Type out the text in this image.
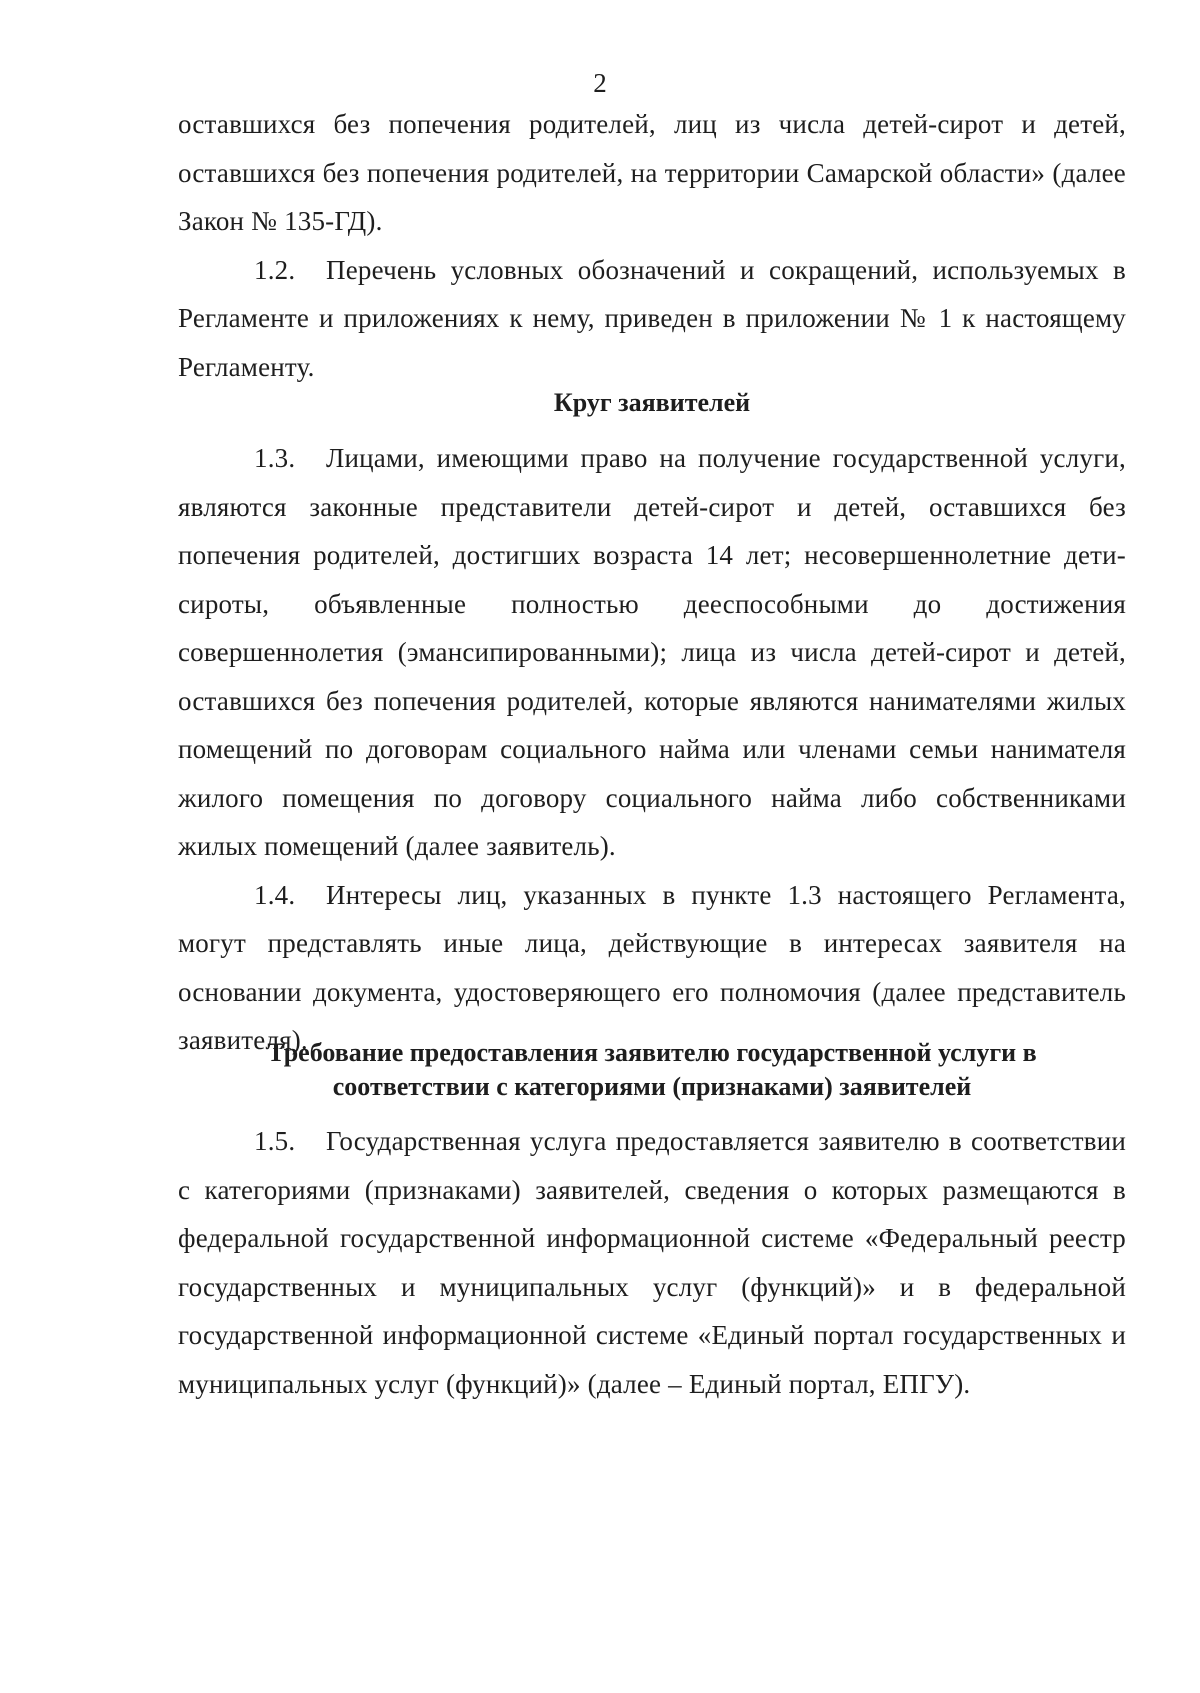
2

оставшихся без попечения родителей, лиц из числа детей-сирот и детей, оставшихся без попечения родителей, на территории Самарской области» (далее Закон № 135-ГД).

1.2. Перечень условных обозначений и сокращений, используемых в Регламенте и приложениях к нему, приведен в приложении № 1 к настоящему Регламенту.

Круг заявителей

1.3. Лицами, имеющими право на получение государственной услуги, являются законные представители детей-сирот и детей, оставшихся без попечения родителей, достигших возраста 14 лет; несовершеннолетние дети-сироты, объявленные полностью дееспособными до достижения совершеннолетия (эмансипированными); лица из числа детей-сирот и детей, оставшихся без попечения родителей, которые являются нанимателями жилых помещений по договорам социального найма или членами семьи нанимателя жилого помещения по договору социального найма либо собственниками жилых помещений (далее заявитель).

1.4. Интересы лиц, указанных в пункте 1.3 настоящего Регламента, могут представлять иные лица, действующие в интересах заявителя на основании документа, удостоверяющего его полномочия (далее представитель заявителя).

Требование предоставления заявителю государственной услуги в
соответствии с категориями (признаками) заявителей

1.5. Государственная услуга предоставляется заявителю в соответствии с категориями (признаками) заявителей, сведения о которых размещаются в федеральной государственной информационной системе «Федеральный реестр государственных и муниципальных услуг (функций)» и в федеральной государственной информационной системе «Единый портал государственных и муниципальных услуг (функций)» (далее – Единый портал, ЕПГУ).
